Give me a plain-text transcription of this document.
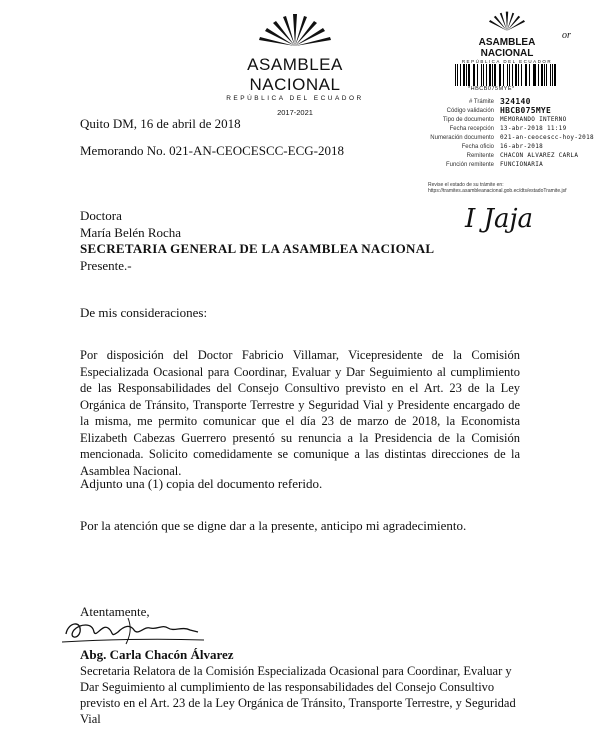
ASAMBLEA NACIONAL
REPÚBLICA DEL ECUADOR
2017-2021
ASAMBLEA NACIONAL
REPÚBLICA DEL ECUADOR
or
*HBCB075MYE*
# Trámite 324140
Código validación HBCB075MYE
Tipo de documento	MEMORANDO INTERNO
Fecha recepción	13-abr-2018 11:19
Numeración documento	021-an-ceocescc-hoy-2018
Fecha oficio	16-abr-2018
Remitente	CHACON ALVAREZ CARLA
Función remitente	FUNCIONARIA
Revise el estado de su trámite en: https://tramites.asambleanacional.gob.ec/dts/estadoTramite.jsf
I Jaja
Quito DM, 16 de abril de 2018
Memorando No. 021-AN-CEOCESCC-ECG-2018
Doctora
María Belén Rocha
SECRETARIA GENERAL DE LA ASAMBLEA NACIONAL
Presente.-
De mis consideraciones:
Por disposición del Doctor Fabricio Villamar, Vicepresidente de la Comisión Especializada Ocasional para Coordinar, Evaluar y Dar Seguimiento al cumplimiento de las Responsabilidades del Consejo Consultivo previsto en el Art. 23 de la Ley Orgánica de Tránsito, Transporte Terrestre y Seguridad Vial y Presidente encargado de la misma, me permito comunicar que el día 23 de marzo de 2018, la Economista Elizabeth Cabezas Guerrero presentó su renuncia a la Presidencia de la Comisión mencionada. Solicito comedidamente se comunique a las distintas direcciones de la Asamblea Nacional.
Adjunto una (1) copia del documento referido.
Por la atención que se digne dar a la presente, anticipo mi agradecimiento.
Atentamente,
Abg. Carla Chacón Álvarez
Secretaria Relatora de la Comisión Especializada Ocasional para Coordinar, Evaluar y Dar Seguimiento al cumplimiento de las responsabilidades del Consejo Consultivo previsto en el Art. 23 de la Ley Orgánica de Tránsito, Transporte Terrestre, y Seguridad Vial
